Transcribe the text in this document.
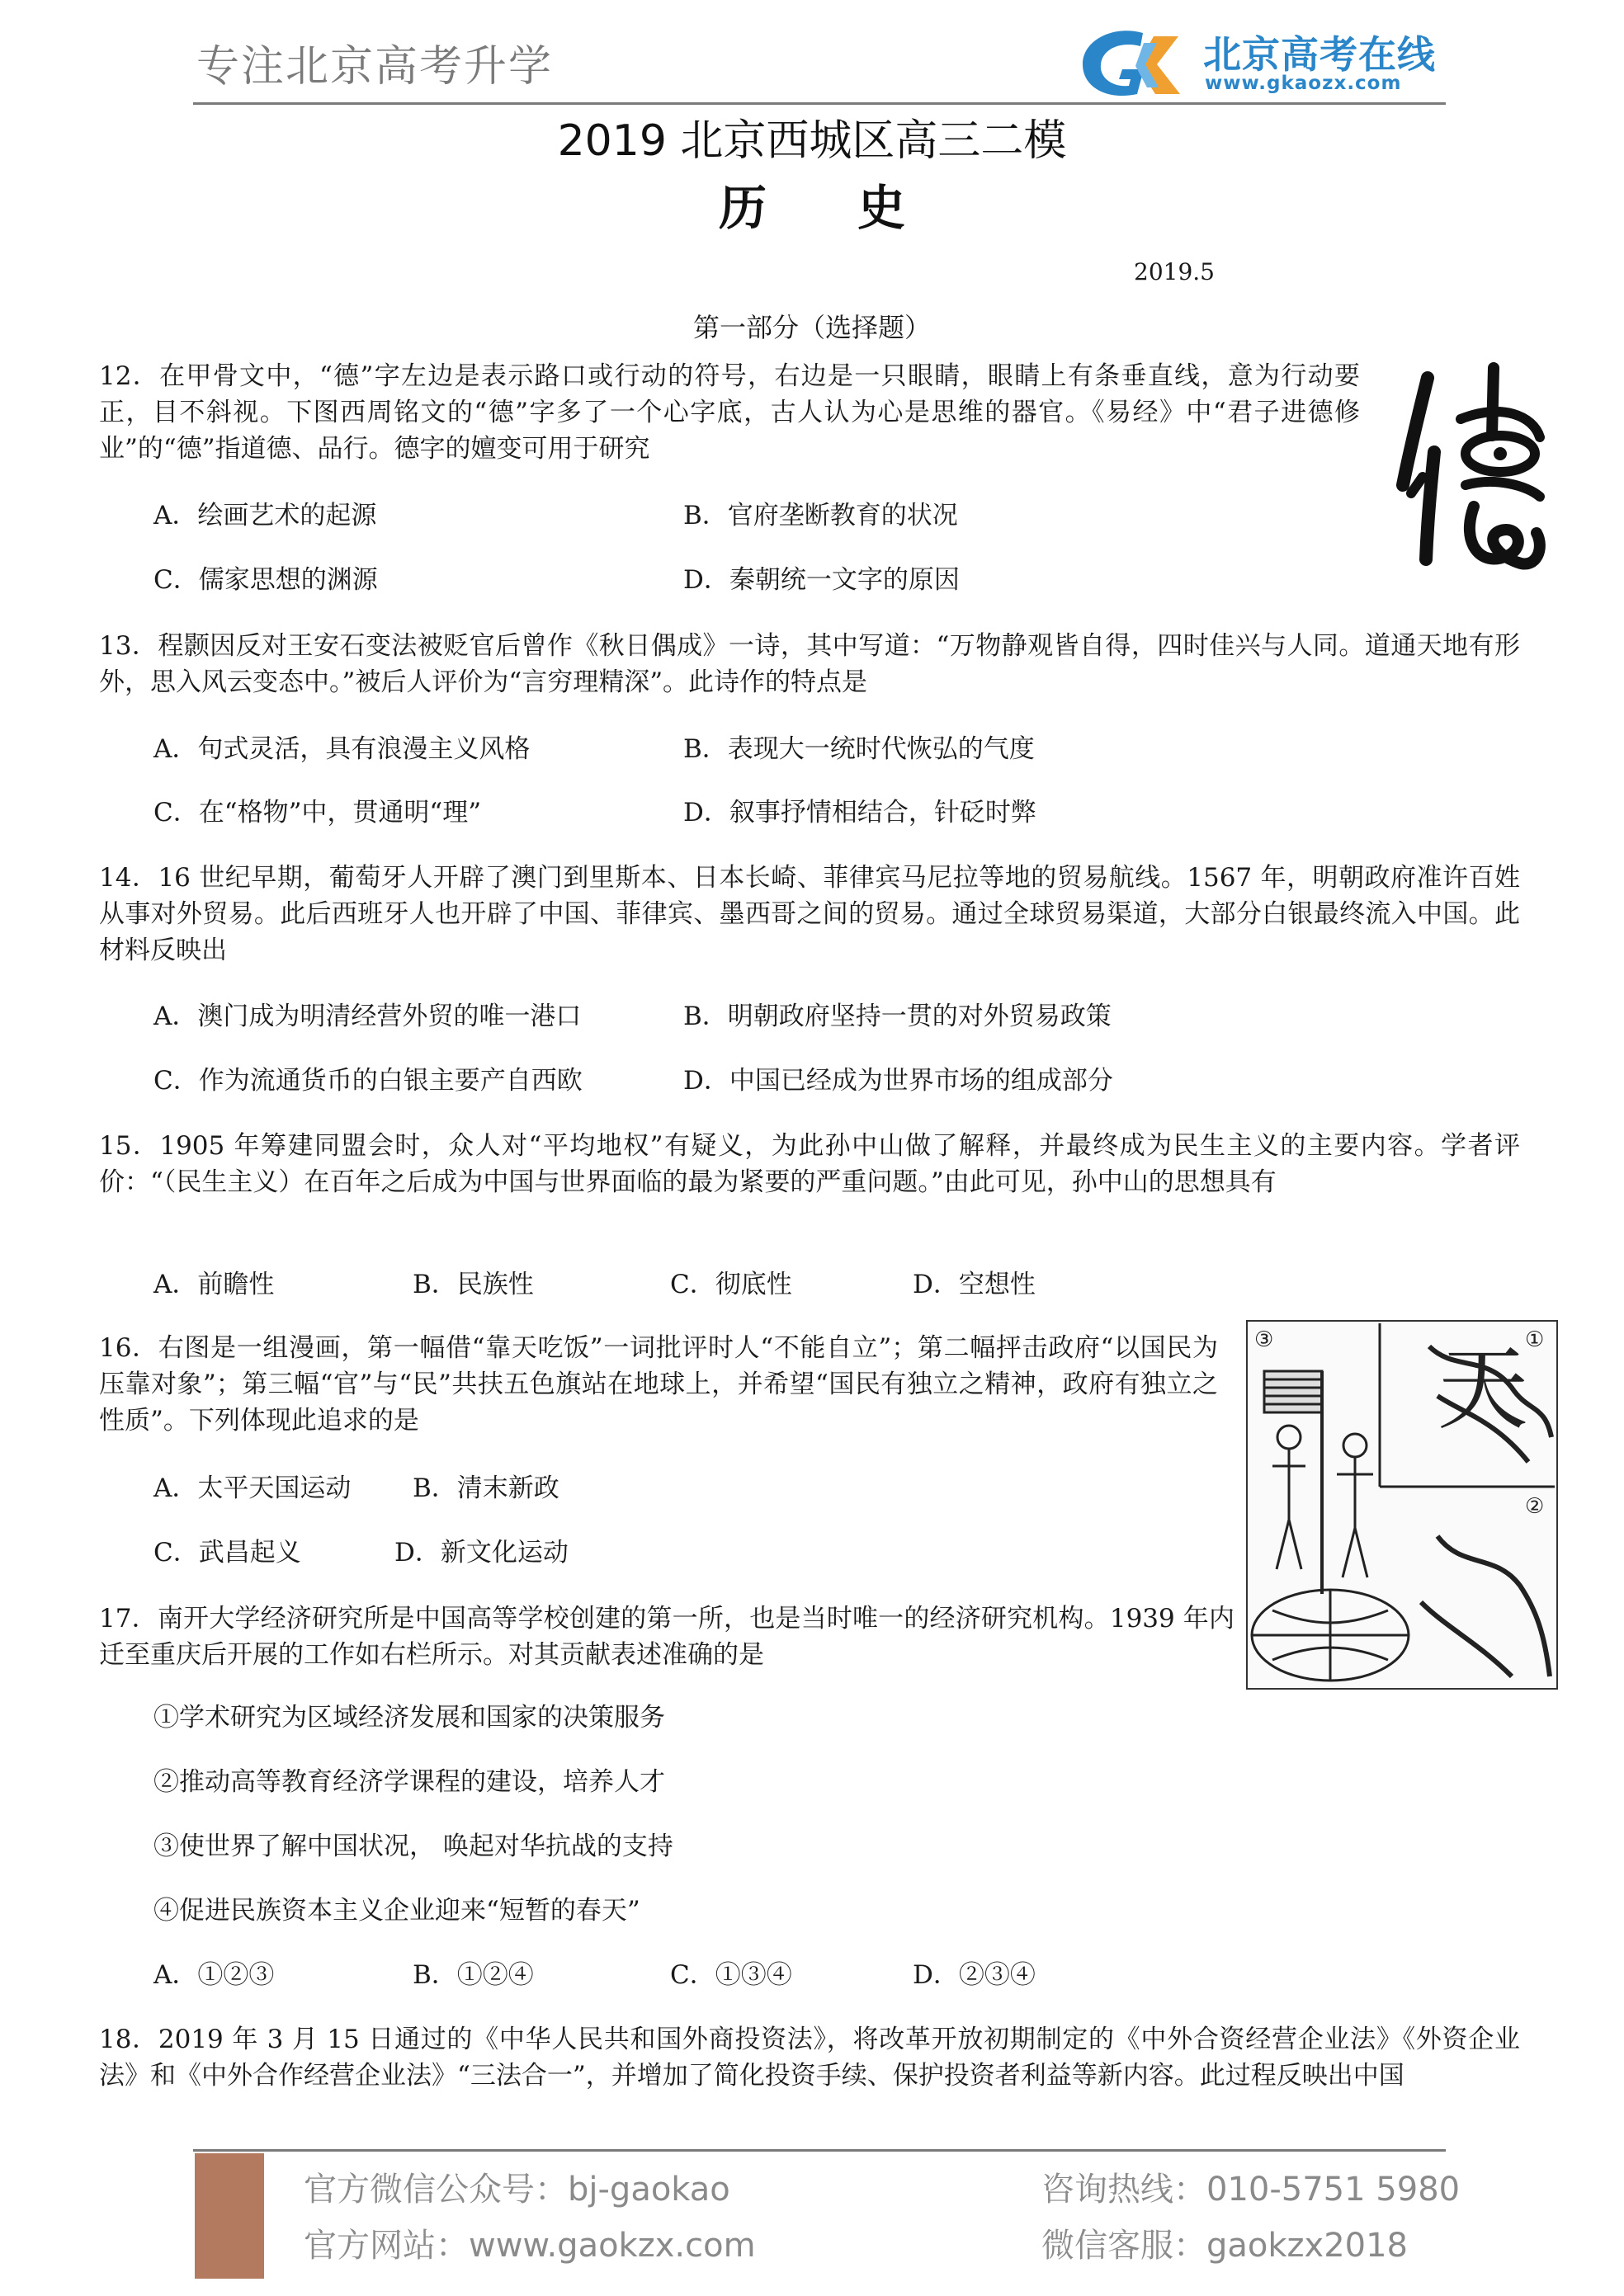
专注北京高考升学	北京高考在线
www.gkaozx.com
2019 北京西城区高三二模
历史
2019.5
第一部分（选择题）
12．在甲骨文中，“德”字左边是表示路口或行动的符号，右边是一只眼睛，眼睛上有条垂直线，意为行动要正，目不斜视。下图西周铭文的“德”字多了一个心字底，古人认为心是思维的器官。《易经》中“君子进德修业”的“德”指道德、品行。德字的嬗变可用于研究
A．绘画艺术的起源	B．官府垄断教育的状况
C．儒家思想的渊源	D．秦朝统一文字的原因
13．程颢因反对王安石变法被贬官后曾作《秋日偶成》一诗，其中写道：“万物静观皆自得，四时佳兴与人同。道通天地有形外，思入风云变态中。”被后人评价为“言穷理精深”。此诗作的特点是
A．句式灵活，具有浪漫主义风格	B．表现大一统时代恢弘的气度
C．在“格物”中，贯通明“理”	D．叙事抒情相结合，针砭时弊
14．16 世纪早期，葡萄牙人开辟了澳门到里斯本、日本长崎、菲律宾马尼拉等地的贸易航线。1567 年，明朝政府准许百姓从事对外贸易。此后西班牙人也开辟了中国、菲律宾、墨西哥之间的贸易。通过全球贸易渠道，大部分白银最终流入中国。此材料反映出
A．澳门成为明清经营外贸的唯一港口	B．明朝政府坚持一贯的对外贸易政策
C．作为流通货币的白银主要产自西欧	D．中国已经成为世界市场的组成部分
15．1905 年筹建同盟会时，众人对“平均地权”有疑义，为此孙中山做了解释，并最终成为民生主义的主要内容。学者评价：“（民生主义）在百年之后成为中国与世界面临的最为紧要的严重问题。”由此可见，孙中山的思想具有
A．前瞻性	B．民族性	C．彻底性	D．空想性
16．右图是一组漫画，第一幅借“靠天吃饭”一词批评时人“不能自立”；第二幅抨击政府“以国民为压靠对象”；第三幅“官”与“民”共扶五色旗站在地球上，并希望“国民有独立之精神，政府有独立之性质”。下列体现此追求的是	天
③	①
②
A．太平天国运动 B．清末新政
C．武昌起义	D．新文化运动
17．南开大学经济研究所是中国高等学校创建的第一所，也是当时唯一的经济研究机构。1939 年内迁至重庆后开展的工作如右栏所示。对其贡献表述准确的是
①学术研究为区域经济发展和国家的决策服务
②推动高等教育经济学课程的建设，培养人才
③使世界了解中国状况， 唤起对华抗战的支持
④促进民族资本主义企业迎来“短暂的春天”
A．①②③	B．①②④	C．①③④	D．②③④
18．2019 年 3 月 15 日通过的《中华人民共和国外商投资法》，将改革开放初期制定的《中外合资经营企业法》《外资企业法》和《中外合作经营企业法》“三法合一”，并增加了简化投资手续、保护投资者利益等新内容。此过程反映出中国
官方微信公众号：bj-gaokao
官方网站：www.gaokzx.com
咨询热线：010-5751 5980
微信客服：gaokzx2018
